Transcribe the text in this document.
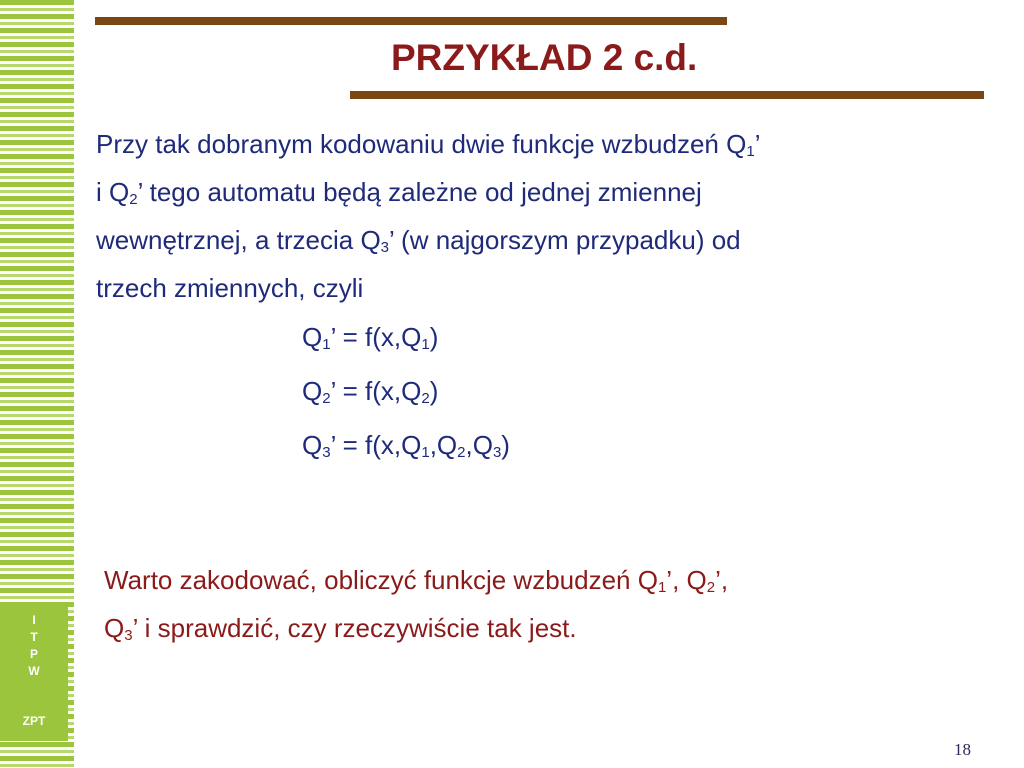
I
T
P
W
ZPT
PRZYKŁAD 2 c.d.
Przy tak dobranym kodowaniu dwie funkcje wzbudzeń $Q_1$’
i $Q_2$’ tego automatu będą zależne od jednej zmiennej
wewnętrznej, a trzecia $Q_3$’ (w najgorszym przypadku) od
trzech zmiennych, czyli
$Q_1$’ = $f(x,Q_1)$
$Q_2$’ = $f(x,Q_2)$
$Q_3$’ = $f(x,Q_1,Q_2,Q_3)$
Warto zakodować, obliczyć funkcje wzbudzeń $Q_1$’, $Q_2$’,
$Q_3$’ i sprawdzić, czy rzeczywiście tak jest.
18
